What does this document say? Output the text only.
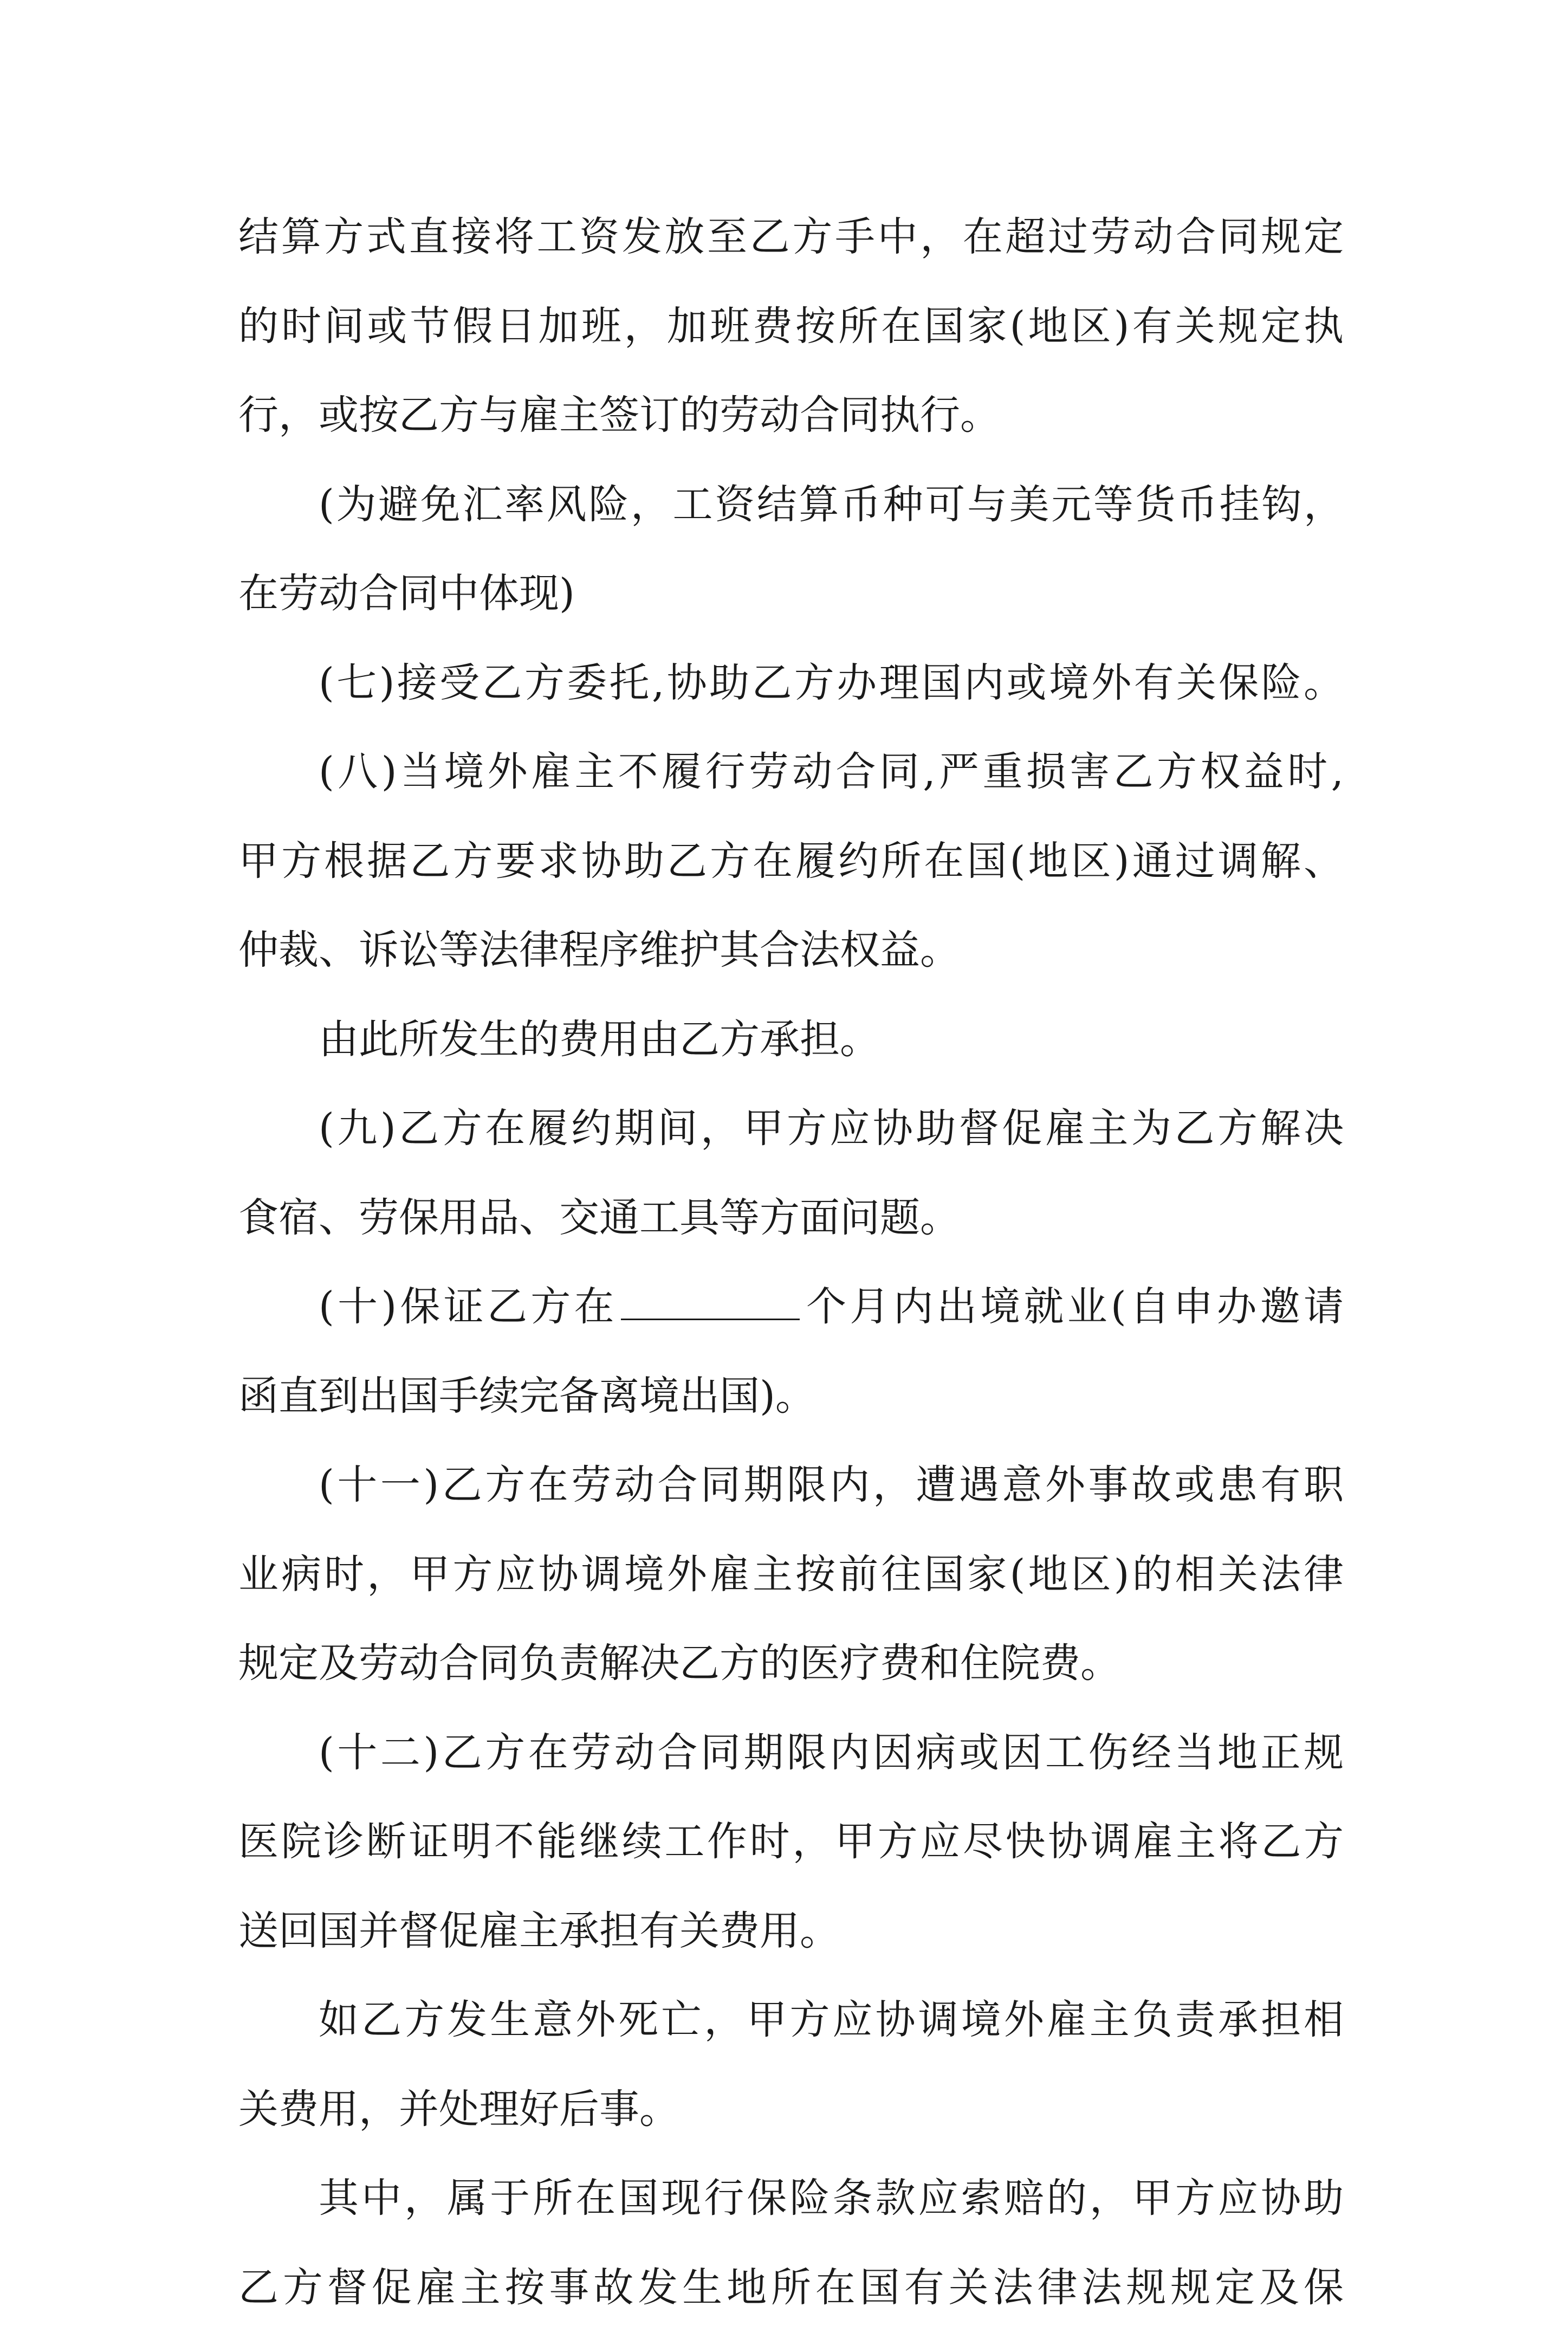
结算方式直接将工资发放至乙方手中，在超过劳动合同规定
的时间或节假日加班，加班费按所在国家(地区)有关规定执
行，或按乙方与雇主签订的劳动合同执行。
(为避免汇率风险，工资结算币种可与美元等货币挂钩，
在劳动合同中体现)
(七)接受乙方委托,协助乙方办理国内或境外有关保险。
(八)当境外雇主不履行劳动合同,严重损害乙方权益时,
甲方根据乙方要求协助乙方在履约所在国(地区)通过调解、
仲裁、诉讼等法律程序维护其合法权益。
由此所发生的费用由乙方承担。
(九)乙方在履约期间，甲方应协助督促雇主为乙方解决
食宿、劳保用品、交通工具等方面问题。
(十)保证乙方在	个月内出境就业(自申办邀请
函直到出国手续完备离境出国)。
(十一)乙方在劳动合同期限内，遭遇意外事故或患有职
业病时，甲方应协调境外雇主按前往国家(地区)的相关法律
规定及劳动合同负责解决乙方的医疗费和住院费。
(十二)乙方在劳动合同期限内因病或因工伤经当地正规
医院诊断证明不能继续工作时，甲方应尽快协调雇主将乙方
送回国并督促雇主承担有关费用。
如乙方发生意外死亡，甲方应协调境外雇主负责承担相
关费用，并处理好后事。
其中，属于所在国现行保险条款应索赔的，甲方应协助
乙方督促雇主按事故发生地所在国有关法律法规规定及保
